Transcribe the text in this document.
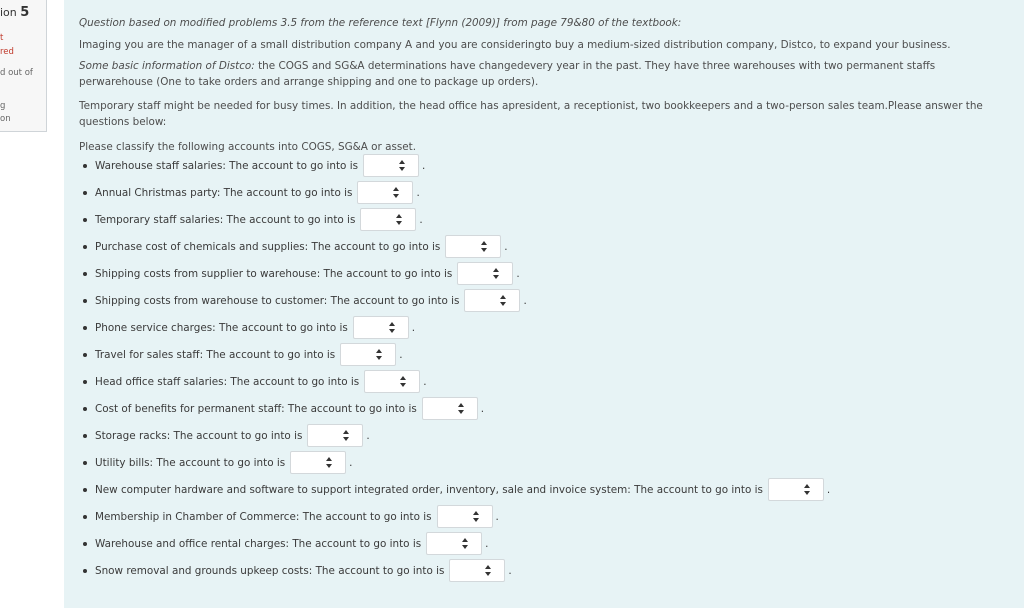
ion 5
t
red
d out of
g
on

Question based on modified problems 3.5 from the reference text [Flynn (2009)] from page 79&80 of the textbook:

Imaging you are the manager of a small distribution company A and you are consideringto buy a medium-sized distribution company, Distco, to expand your business.

Some basic information of Distco: the COGS and SG&A determinations have changedevery year in the past. They have three warehouses with two permanent staffs perwarehouse (One to take orders and arrange shipping and one to package up orders).

Temporary staff might be needed for busy times. In addition, the head office has apresident, a receptionist, two bookkeepers and a two-person sales team.Please answer the questions below:

Please classify the following accounts into COGS, SG&A or asset.

Warehouse staff salaries: The account to go into is	.
Annual Christmas party: The account to go into is	.
Temporary staff salaries: The account to go into is	.
Purchase cost of chemicals and supplies: The account to go into is	.
Shipping costs from supplier to warehouse: The account to go into is	.
Shipping costs from warehouse to customer: The account to go into is	.
Phone service charges: The account to go into is	.
Travel for sales staff: The account to go into is	.
Head office staff salaries: The account to go into is	.
Cost of benefits for permanent staff: The account to go into is	.
Storage racks: The account to go into is	.
Utility bills: The account to go into is	.
New computer hardware and software to support integrated order, inventory, sale and invoice system: The account to go into is	.
Membership in Chamber of Commerce: The account to go into is	.
Warehouse and office rental charges: The account to go into is	.
Snow removal and grounds upkeep costs: The account to go into is	.
